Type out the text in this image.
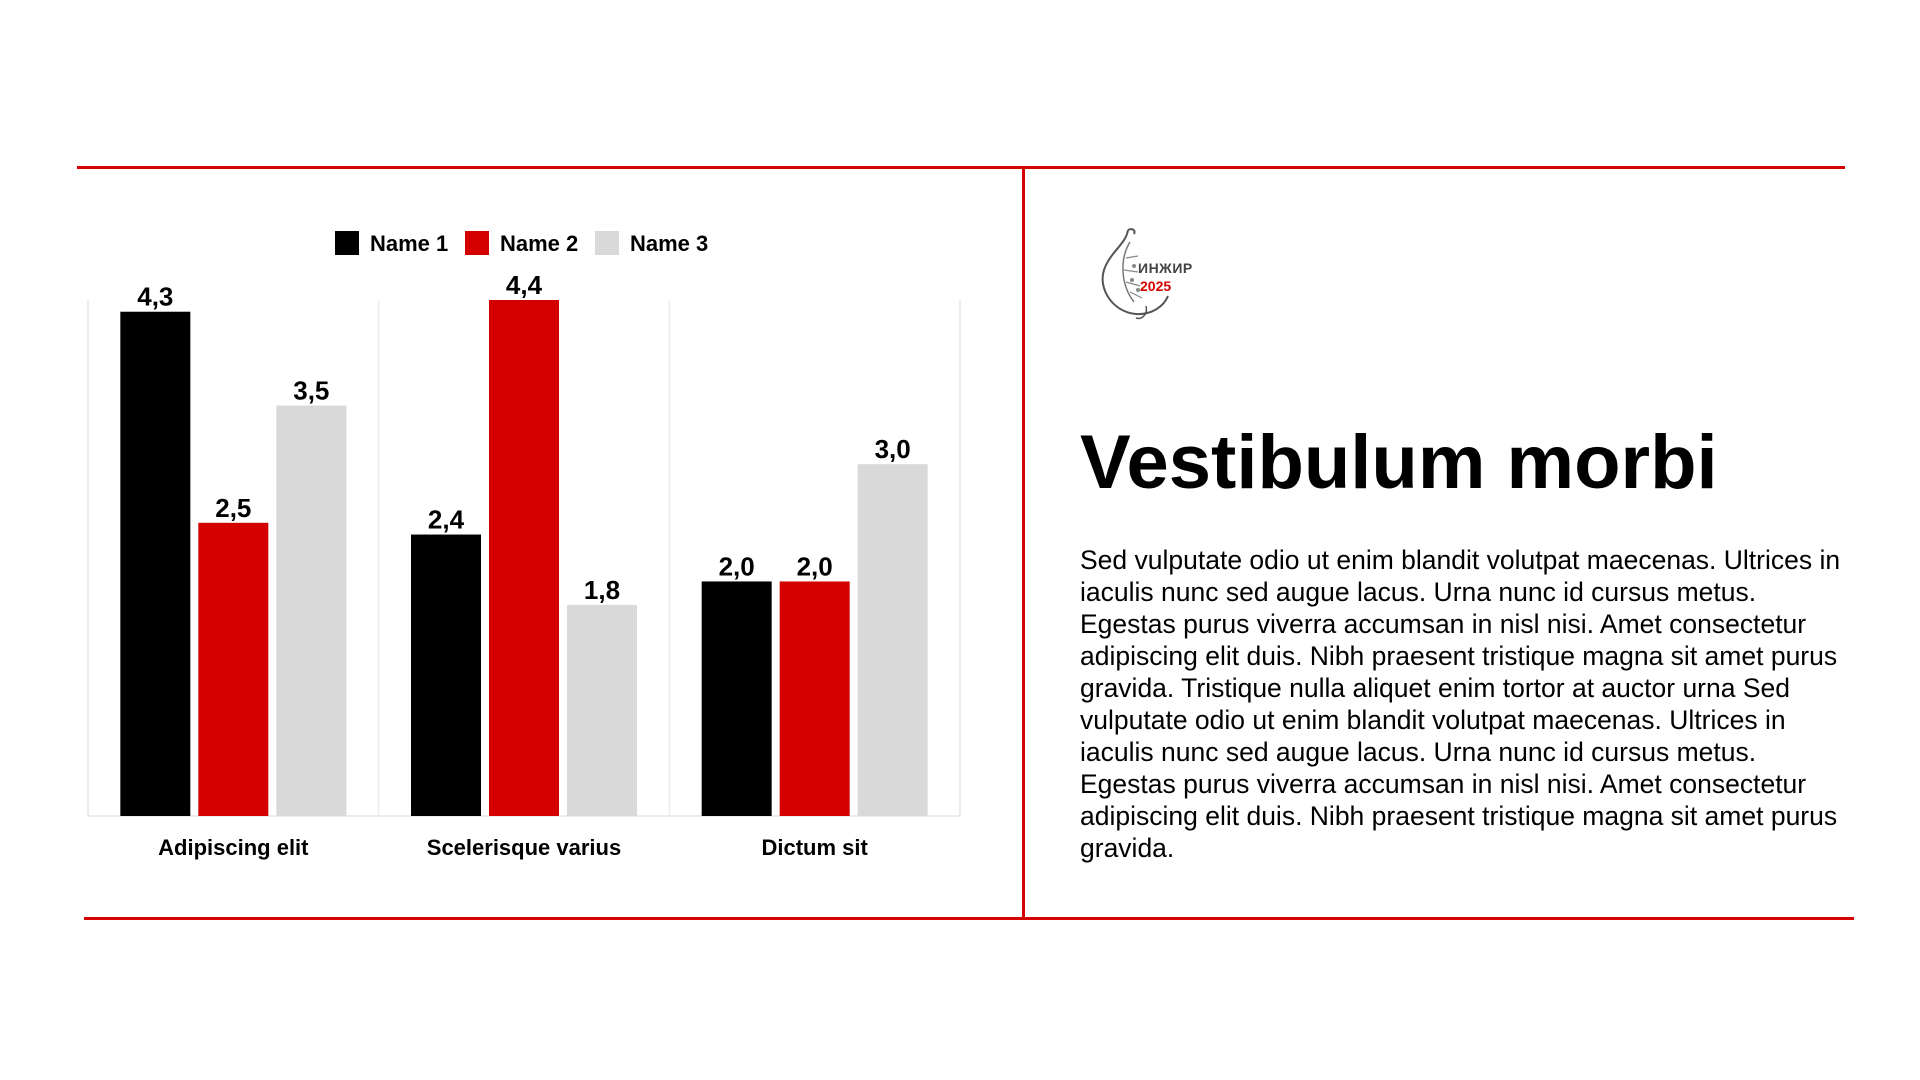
Name 1 Name 2 Name 3
4,3
2,5
3,5
2,4
4,4
1,8
2,0 2,0
3,0
Adipiscing elit	Scelerisque varius	Dictum sit
ИНЖИР
2025
Vestibulum morbi

Sed vulputate odio ut enim blandit volutpat maecenas. Ultrices in iaculis nunc sed augue lacus. Urna nunc id cursus metus. Egestas purus viverra accumsan in nisl nisi. Amet consectetur adipiscing elit duis. Nibh praesent tristique magna sit amet purus gravida. Tristique nulla aliquet enim tortor at auctor urna Sed vulputate odio ut enim blandit volutpat maecenas. Ultrices in iaculis nunc sed augue lacus. Urna nunc id cursus metus. Egestas purus viverra accumsan in nisl nisi. Amet consectetur adipiscing elit duis. Nibh praesent tristique magna sit amet purus gravida.
